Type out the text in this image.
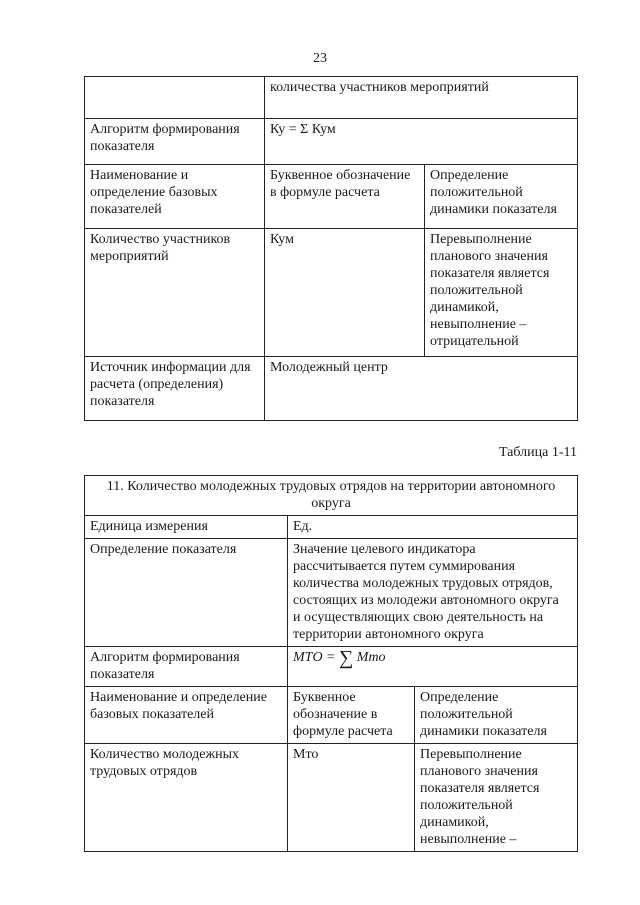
23
	количества участников мероприятий	
Алгоритм формирования показателя	Ку = Σ Кум	
Наименование и определение базовых показателей	Буквенное обозначение в формуле расчета	Определение положительной динамики показателя
Количество участников мероприятий	Кум	Перевыполнение планового значения показателя является положительной динамикой, невыполнение – отрицательной
Источник информации для расчета (определения) показателя	Молодежный центр	
Таблица 1-11
11. Количество молодежных трудовых отрядов на территории автономного округа		
Единица измерения	Ед.	
Определение показателя	Значение целевого индикатора рассчитывается путем суммирования количества молодежных трудовых отрядов, состоящих из молодежи автономного округа и осуществляющих свою деятельность на территории автономного округа	
Алгоритм формирования показателя	МТО = ∑ Мто	
Наименование и определение базовых показателей	Буквенное обозначение в формуле расчета	Определение положительной динамики показателя
Количество молодежных трудовых отрядов	Мто	Перевыполнение планового значения показателя является положительной динамикой, невыполнение –
